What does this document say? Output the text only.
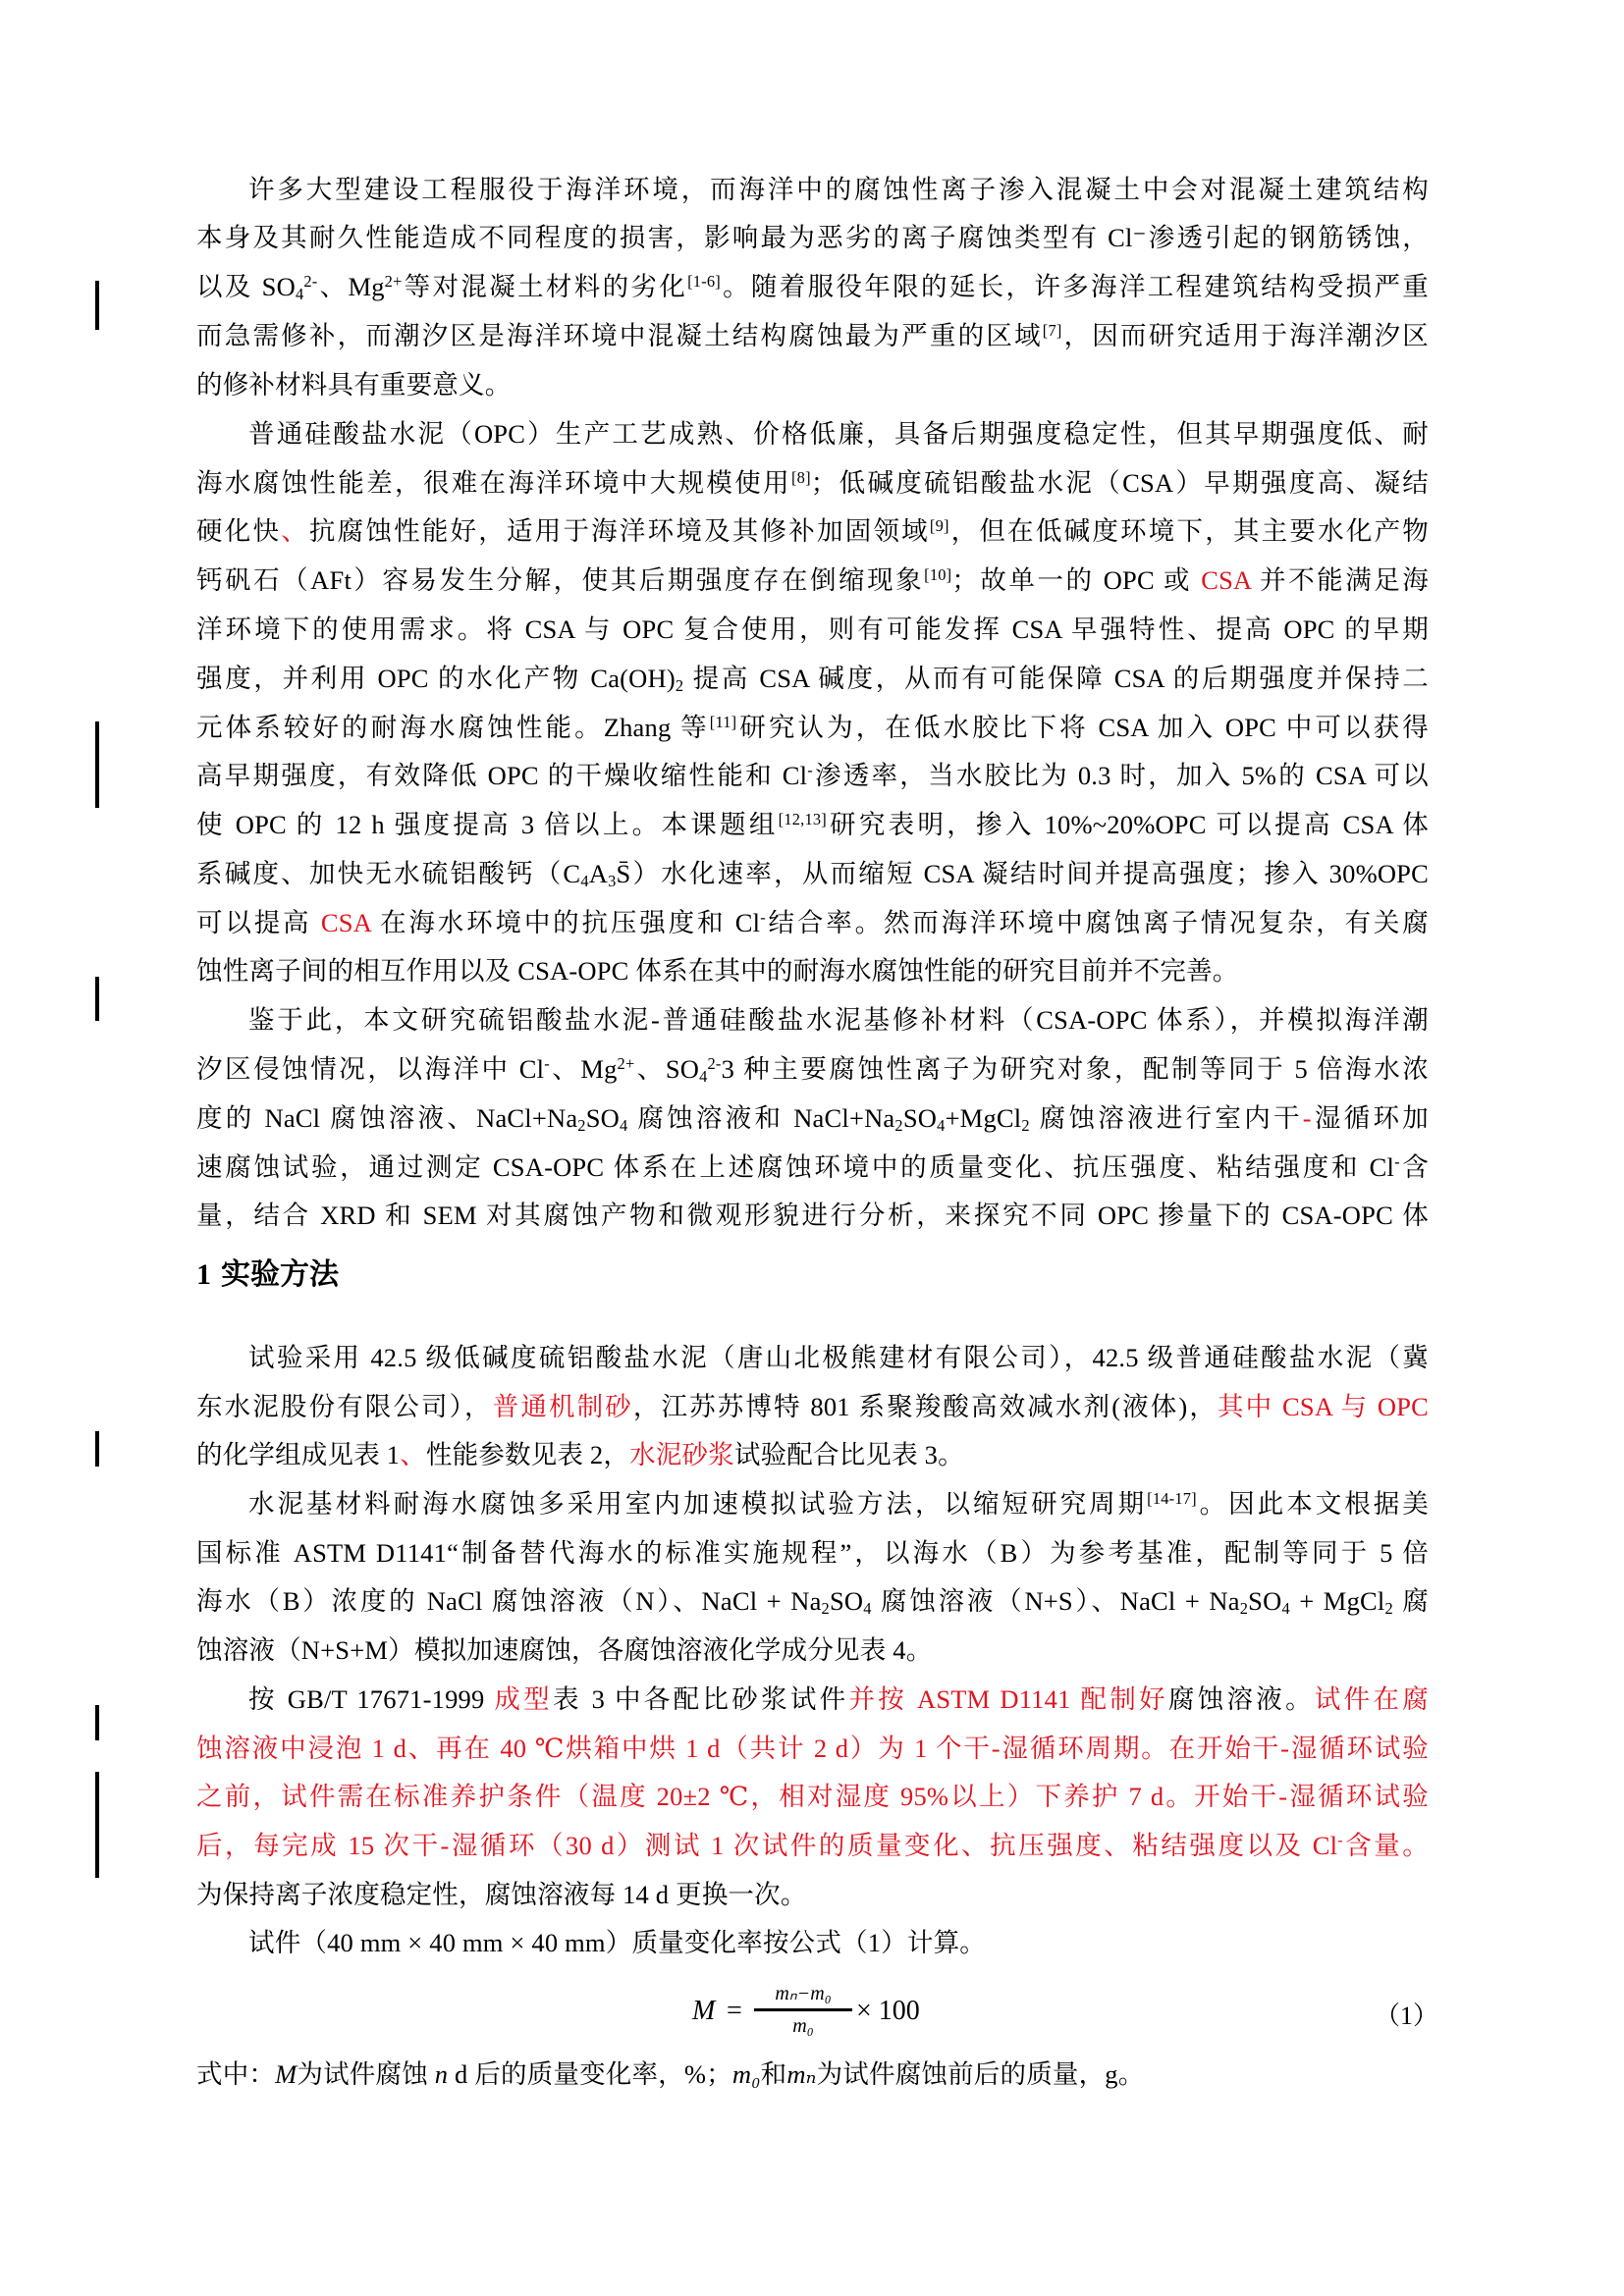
许多大型建设工程服役于海洋环境，而海洋中的腐蚀性离子渗入混凝土中会对混凝土建筑结构
本身及其耐久性能造成不同程度的损害，影响最为恶劣的离子腐蚀类型有 Cl⁻渗透引起的钢筋锈蚀，
以及 $SO_4^{2-}$、$Mg^{2+}$等对混凝土材料的劣化[1-6]。随着服役年限的延长，许多海洋工程建筑结构受损严重
而急需修补，而潮汐区是海洋环境中混凝土结构腐蚀最为严重的区域[7]，因而研究适用于海洋潮汐区
的修补材料具有重要意义。
普通硅酸盐水泥（OPC）生产工艺成熟、价格低廉，具备后期强度稳定性，但其早期强度低、耐
海水腐蚀性能差，很难在海洋环境中大规模使用[8]；低碱度硫铝酸盐水泥（CSA）早期强度高、凝结
硬化快、抗腐蚀性能好，适用于海洋环境及其修补加固领域[9]，但在低碱度环境下，其主要水化产物
钙矾石（AFt）容易发生分解，使其后期强度存在倒缩现象[10]；故单一的 OPC 或 CSA 并不能满足海
洋环境下的使用需求。将 CSA 与 OPC 复合使用，则有可能发挥 CSA 早强特性、提高 OPC 的早期
强度，并利用 OPC 的水化产物 $Ca(OH)_2$ 提高 CSA 碱度，从而有可能保障 CSA 的后期强度并保持二
元体系较好的耐海水腐蚀性能。Zhang 等[11]研究认为，在低水胶比下将 CSA 加入 OPC 中可以获得
高早期强度，有效降低 OPC 的干燥收缩性能和 Cl-渗透率，当水胶比为 0.3 时，加入 5%的 CSA 可以
使 OPC 的 12 h 强度提高 3 倍以上。本课题组[12,13]研究表明，掺入 10%~20%OPC 可以提高 CSA 体
系碱度、加快无水硫铝酸钙$(C_4A_3S̄)$水化速率，从而缩短 CSA 凝结时间并提高强度；掺入 30%OPC
可以提高 CSA 在海水环境中的抗压强度和 Cl-结合率。然而海洋环境中腐蚀离子情况复杂，有关腐
蚀性离子间的相互作用以及 CSA-OPC 体系在其中的耐海水腐蚀性能的研究目前并不完善。
鉴于此，本文研究硫铝酸盐水泥-普通硅酸盐水泥基修补材料（CSA-OPC 体系），并模拟海洋潮
汐区侵蚀情况，以海洋中 Cl-、$Mg^{2+}$、$SO_4^{2-}3$ 种主要腐蚀性离子为研究对象，配制等同于 5 倍海水浓
度的 NaCl 腐蚀溶液、$NaCl+Na_2SO_4$ 腐蚀溶液和 $NaCl+Na_2SO_4+MgCl_2$ 腐蚀溶液进行室内干-湿循环加
速腐蚀试验，通过测定 CSA-OPC 体系在上述腐蚀环境中的质量变化、抗压强度、粘结强度和 Cl-含
量，结合 XRD 和 SEM 对其腐蚀产物和微观形貌进行分析，来探究不同 OPC 掺量下的 CSA-OPC 体
1 实验方法
试验采用 42.5 级低碱度硫铝酸盐水泥（唐山北极熊建材有限公司），42.5 级普通硅酸盐水泥（冀
东水泥股份有限公司），普通机制砂，江苏苏博特 801 系聚羧酸高效减水剂(液体)，其中 CSA 与 OPC
的化学组成见表 1、性能参数见表 2，水泥砂浆试验配合比见表 3。
水泥基材料耐海水腐蚀多采用室内加速模拟试验方法，以缩短研究周期[14-17]。因此本文根据美
国标准 ASTM D1141“制备替代海水的标准实施规程”，以海水（B）为参考基准，配制等同于 5 倍
海水（B）浓度的 NaCl 腐蚀溶液（N）、NaCl + $Na_2SO_4$ 腐蚀溶液（N+S）、NaCl + $Na_2SO_4$ + MgCl$_2$ 腐
蚀溶液（N+S+M）模拟加速腐蚀，各腐蚀溶液化学成分见表 4。
按 GB/T 17671-1999 成型表 3 中各配比砂浆试件并按 ASTM D1141 配制好腐蚀溶液。试件在腐
蚀溶液中浸泡 1 d、再在 40 ℃烘箱中烘 1 d（共计 2 d）为 1 个干-湿循环周期。在开始干-湿循环试验
之前，试件需在标准养护条件（温度 20±2 ℃，相对湿度 95%以上）下养护 7 d。开始干-湿循环试验
后，每完成 15 次干-湿循环（30 d）测试 1 次试件的质量变化、抗压强度、粘结强度以及 Cl-含量。
为保持离子浓度稳定性，腐蚀溶液每 14 d 更换一次。
试件（40 mm × 40 mm × 40 mm）质量变化率按公式（1）计算。
M =
mₙ−m₀
m₀	× 100	（1）
式中：M为试件腐蚀 n d 后的质量变化率，%；m₀和mₙ为试件腐蚀前后的质量，g。
